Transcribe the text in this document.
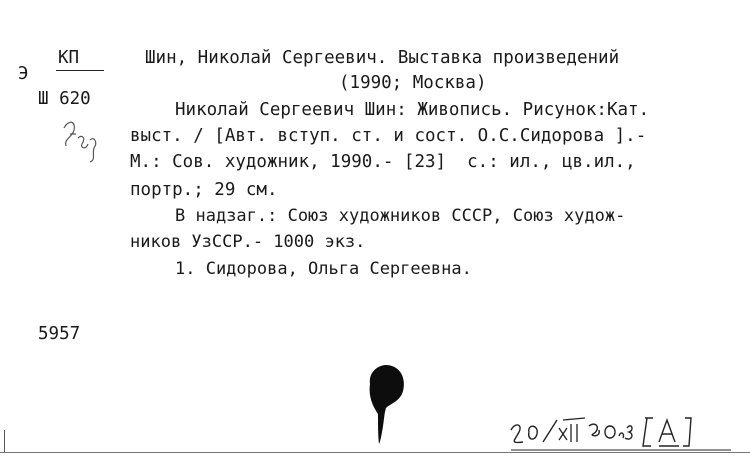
Э
КП
Ш 620
Шин, Николай Сергеевич. Выставка произведений
(1990; Москва)
Николай Сергеевич Шин: Живопись. Рисунок:Кат.
выст. / [Авт. вступ. ст. и сост. О.С.Сидорова ].-
М.: Сов. художник, 1990.- [23]  с.: ил., цв.ил.,
портр.; 29 см.
В надзаг.: Союз художников СССР, Союз худож-
ников УзССР.- 1000 экз.
1. Сидорова, Ольга Сергеевна.
5957
